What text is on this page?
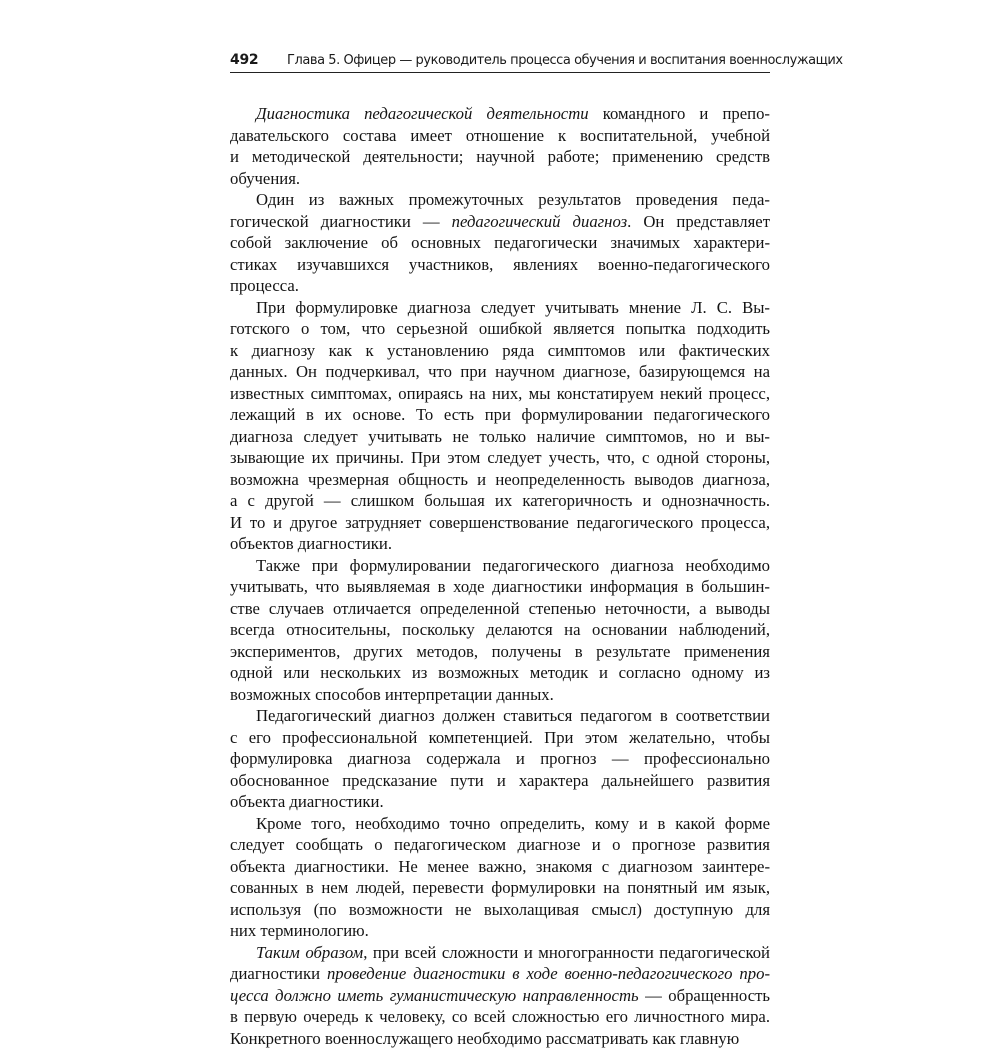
492 Глава 5. Офицер — руководитель процесса обучения и воспитания военнослужащих

Диагностика педагогической деятельности командного и препо-
давательского состава имеет отношение к воспитательной, учебной
и методической деятельности; научной работе; применению средств
обучения.

Один из важных промежуточных результатов проведения педа-
гогической диагностики — педагогический диагноз. Он представляет
собой заключение об основных педагогически значимых характери-
стиках изучавшихся участников, явлениях военно-педагогического
процесса.

При формулировке диагноза следует учитывать мнение Л. С. Вы-
готского о том, что серьезной ошибкой является попытка подходить
к диагнозу как к установлению ряда симптомов или фактических
данных. Он подчеркивал, что при научном диагнозе, базирующемся на
известных симптомах, опираясь на них, мы констатируем некий процесс,
лежащий в их основе. То есть при формулировании педагогического
диагноза следует учитывать не только наличие симптомов, но и вы-
зывающие их причины. При этом следует учесть, что, с одной стороны,
возможна чрезмерная общность и неопределенность выводов диагноза,
а с другой — слишком большая их категоричность и однозначность.
И то и другое затрудняет совершенствование педагогического процесса,
объектов диагностики.

Также при формулировании педагогического диагноза необходимо
учитывать, что выявляемая в ходе диагностики информация в большин-
стве случаев отличается определенной степенью неточности, а выводы
всегда относительны, поскольку делаются на основании наблюдений,
экспериментов, других методов, получены в результате применения
одной или нескольких из возможных методик и согласно одному из
возможных способов интерпретации данных.

Педагогический диагноз должен ставиться педагогом в соответствии
с его профессиональной компетенцией. При этом желательно, чтобы
формулировка диагноза содержала и прогноз — профессионально
обоснованное предсказание пути и характера дальнейшего развития
объекта диагностики.

Кроме того, необходимо точно определить, кому и в какой форме
следует сообщать о педагогическом диагнозе и о прогнозе развития
объекта диагностики. Не менее важно, знакомя с диагнозом заинтере-
сованных в нем людей, перевести формулировки на понятный им язык,
используя (по возможности не выхолащивая смысл) доступную для
них терминологию.

Таким образом, при всей сложности и многогранности педагогической
диагностики проведение диагностики в ходе военно-педагогического про-
цесса должно иметь гуманистическую направленность — обращенность
в первую очередь к человеку, со всей сложностью его личностного мира.
Конкретного военнослужащего необходимо рассматривать как главную
